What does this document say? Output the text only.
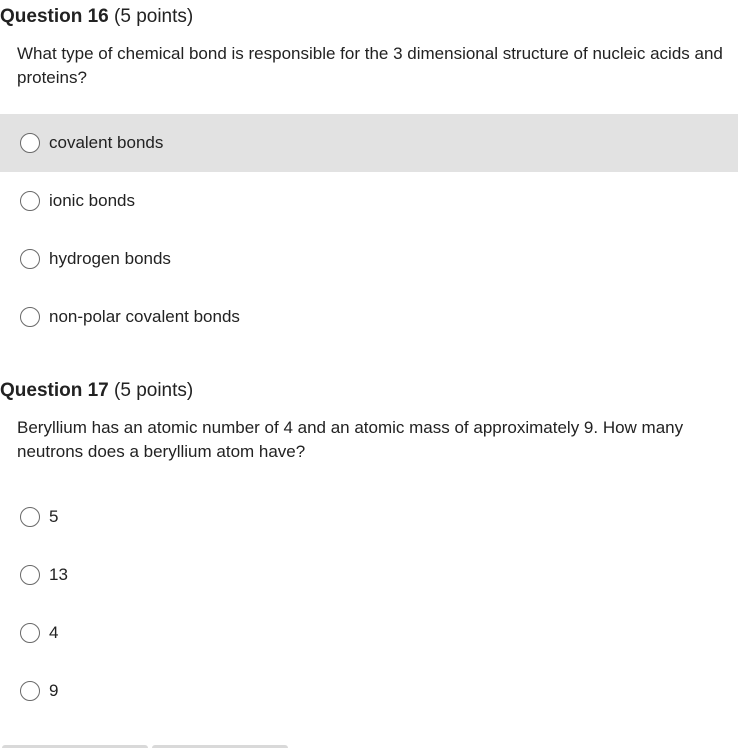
Question 16 (5 points)
What type of chemical bond is responsible for the 3 dimensional structure of nucleic acids and proteins?
covalent bonds
ionic bonds
hydrogen bonds
non-polar covalent bonds
Question 17 (5 points)
Beryllium has an atomic number of 4 and an atomic mass of approximately 9. How many neutrons does a beryllium atom have?
5
13
4
9
